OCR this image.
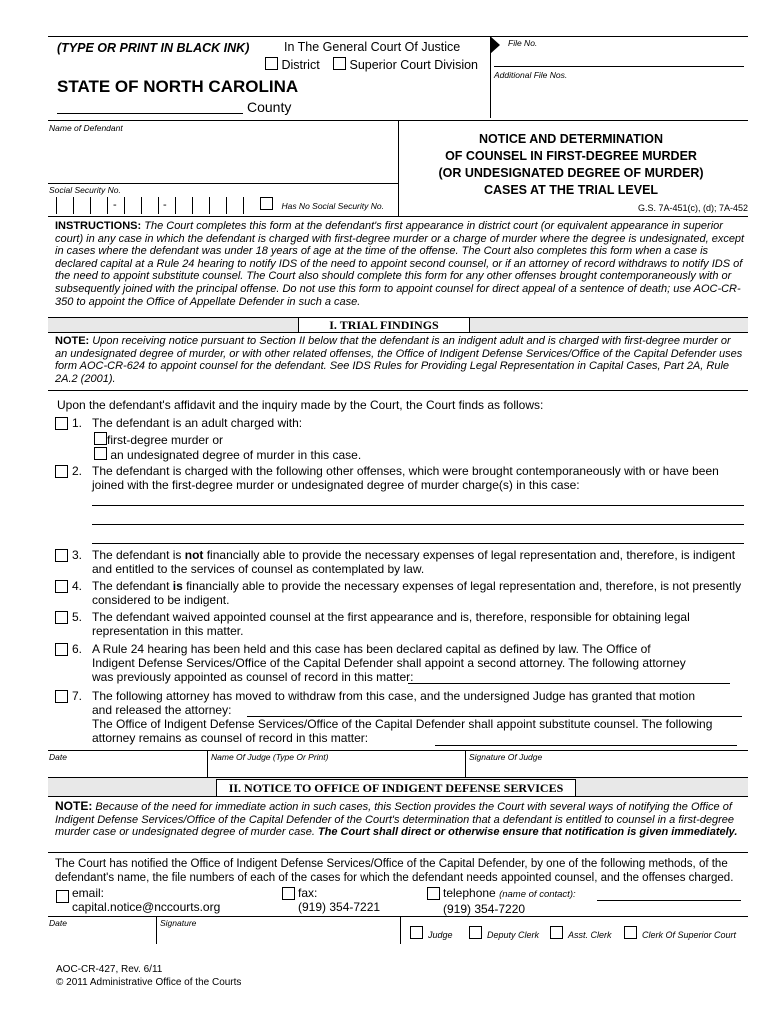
(TYPE OR PRINT IN BLACK INK)	In The General Court Of Justice
District	Superior Court Division
STATE OF NORTH CAROLINA
County
File No.
Additional File Nos.
Name of Defendant
Social Security No.
-	-	Has No Social Security No.
NOTICE AND DETERMINATION
OF COUNSEL IN FIRST-DEGREE MURDER
(OR UNDESIGNATED DEGREE OF MURDER)
CASES AT THE TRIAL LEVEL
G.S. 7A-451(c), (d); 7A-452
INSTRUCTIONS: The Court completes this form at the defendant's first appearance in district court (or equivalent appearance in superior court) in any case in which the defendant is charged with first-degree murder or a charge of murder where the degree is undesignated, except in cases where the defendant was under 18 years of age at the time of the offense. The Court also completes this form when a case is declared capital at a Rule 24 hearing to notify IDS of the need to appoint second counsel, or if an attorney of record withdraws to notify IDS of the need to appoint substitute counsel. The Court also should complete this form for any other offenses brought contemporaneously with or subsequently joined with the principal offense. Do not use this form to appoint counsel for direct appeal of a sentence of death; use AOC-CR-350 to appoint the Office of Appellate Defender in such a case.
I. TRIAL FINDINGS
NOTE: Upon receiving notice pursuant to Section II below that the defendant is an indigent adult and is charged with first-degree murder or an undesignated degree of murder, or with other related offenses, the Office of Indigent Defense Services/Office of the Capital Defender uses form AOC-CR-624 to appoint counsel for the defendant. See IDS Rules for Providing Legal Representation in Capital Cases, Part 2A, Rule 2A.2 (2001).
Upon the defendant's affidavit and the inquiry made by the Court, the Court finds as follows:
1. The defendant is an adult charged with:
first-degree murder or
an undesignated degree of murder in this case.
2. The defendant is charged with the following other offenses, which were brought contemporaneously with or have been joined with the first-degree murder or undesignated degree of murder charge(s) in this case:
3. The defendant is not financially able to provide the necessary expenses of legal representation and, therefore, is indigent and entitled to the services of counsel as contemplated by law.
4. The defendant is financially able to provide the necessary expenses of legal representation and, therefore, is not presently considered to be indigent.
5. The defendant waived appointed counsel at the first appearance and is, therefore, responsible for obtaining legal representation in this matter.
6. A Rule 24 hearing has been held and this case has been declared capital as defined by law. The Office of Indigent Defense Services/Office of the Capital Defender shall appoint a second attorney. The following attorney was previously appointed as counsel of record in this matter:
7. The following attorney has moved to withdraw from this case, and the undersigned Judge has granted that motion and released the attorney:
The Office of Indigent Defense Services/Office of the Capital Defender shall appoint substitute counsel. The following attorney remains as counsel of record in this matter:
Date	Name Of Judge (Type Or Print)	Signature Of Judge
II. NOTICE TO OFFICE OF INDIGENT DEFENSE SERVICES
NOTE: Because of the need for immediate action in such cases, this Section provides the Court with several ways of notifying the Office of Indigent Defense Services/Office of the Capital Defender of the Court's determination that a defendant is entitled to counsel in a first-degree murder case or undesignated degree of murder case. The Court shall direct or otherwise ensure that notification is given immediately.
The Court has notified the Office of Indigent Defense Services/Office of the Capital Defender, by one of the following methods, of the defendant's name, the file numbers of each of the cases for which the defendant needs appointed counsel, and the offenses charged.
email:
capital.notice@nccourts.org
fax:
(919) 354-7221
telephone (name of contact):
(919) 354-7220
Date	Signature
Judge	Deputy Clerk	Asst. Clerk	Clerk Of Superior Court
AOC-CR-427, Rev. 6/11
© 2011 Administrative Office of the Courts
